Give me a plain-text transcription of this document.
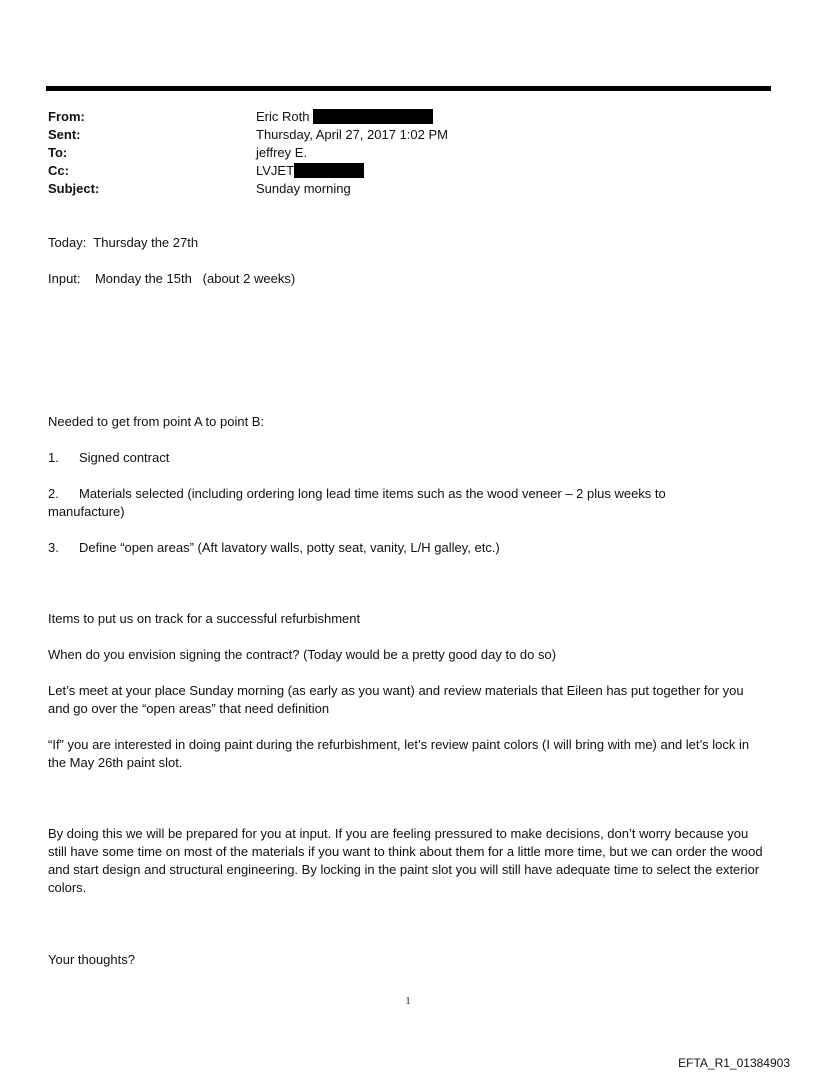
From:	Eric Roth
Sent:	Thursday, April 27, 2017 1:02 PM
To:	jeffrey E.
Cc:	LVJET
Subject:	Sunday morning

Today:  Thursday the 27th

Input:    Monday the 15th   (about 2 weeks)

Needed to get from point A to point B:

1. Signed contract

2. Materials selected (including ordering long lead time items such as the wood veneer – 2 plus weeks to manufacture)

3. Define “open areas” (Aft lavatory walls, potty seat, vanity, L/H galley, etc.)

Items to put us on track for a successful refurbishment

When do you envision signing the contract? (Today would be a pretty good day to do so)

Let’s meet at your place Sunday morning (as early as you want) and review materials that Eileen has put together for you and go over the “open areas” that need definition

“If” you are interested in doing paint during the refurbishment, let’s review paint colors (I will bring with me) and let’s lock in the May 26th paint slot.

By doing this we will be prepared for you at input. If you are feeling pressured to make decisions, don’t worry because you still have some time on most of the materials if you want to think about them for a little more time, but we can order the wood and start design and structural engineering. By locking in the paint slot you will still have adequate time to select the exterior colors.

Your thoughts?

1
EFTA_R1_01384903
